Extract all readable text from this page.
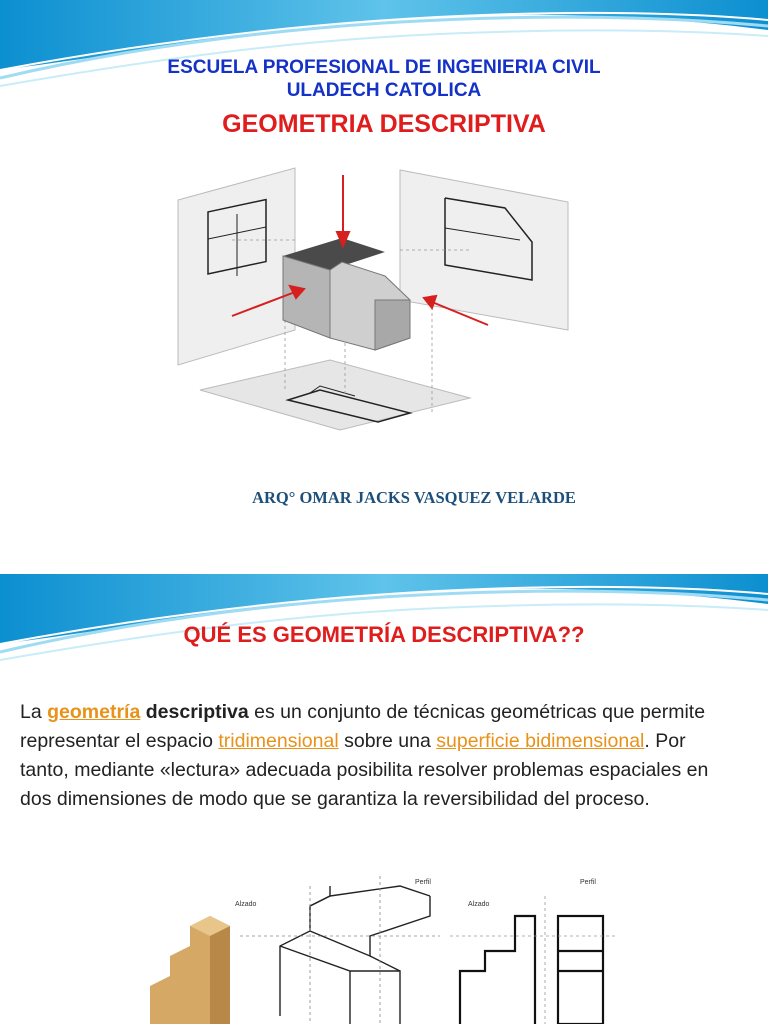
ESCUELA PROFESIONAL DE INGENIERIA CIVIL
ULADECH CATOLICA
GEOMETRIA DESCRIPTIVA
ARQ° OMAR JACKS VASQUEZ VELARDE
QUÉ ES GEOMETRÍA DESCRIPTIVA??
La geometría descriptiva es un conjunto de técnicas geométricas que permite representar el espacio tridimensional sobre una superficie bidimensional. Por tanto, mediante «lectura» adecuada posibilita resolver problemas espaciales en dos dimensiones de modo que se garantiza la reversibilidad del proceso.
Alzado
Perfil
Alzado
Perfil
